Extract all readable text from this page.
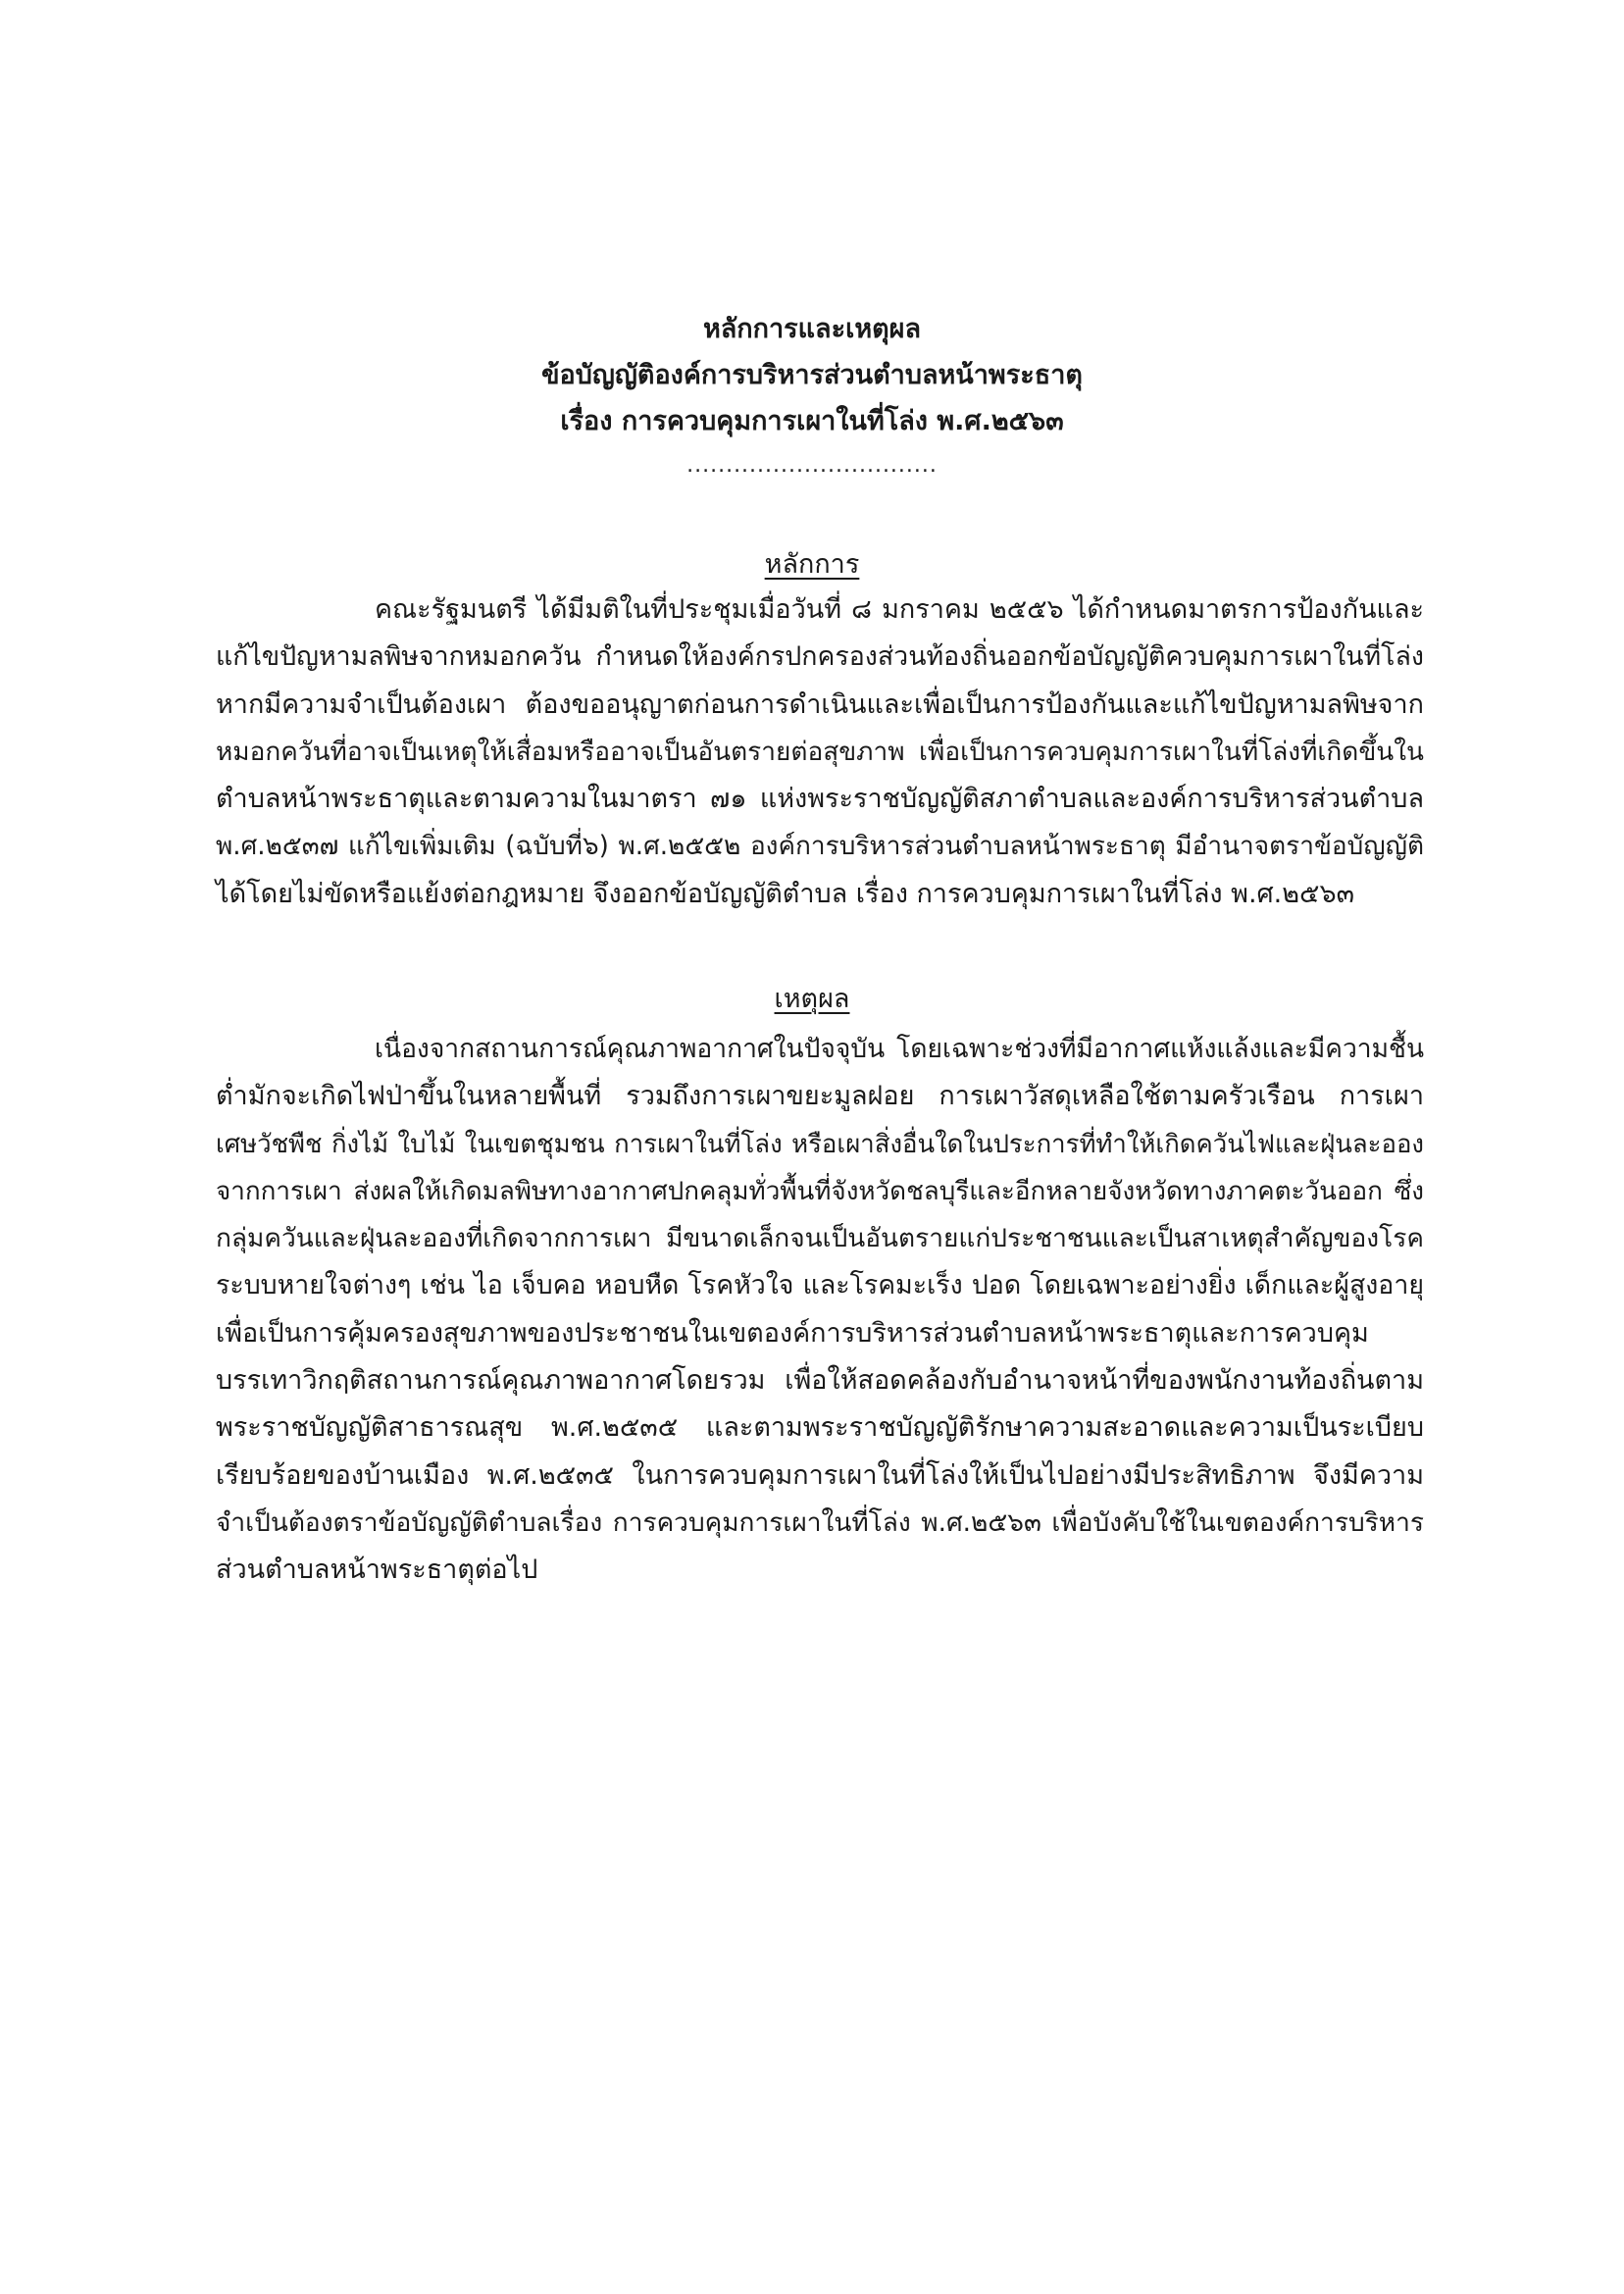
หลักการและเหตุผล
ข้อบัญญัติองค์การบริหารส่วนตำบลหน้าพระธาตุ
เรื่อง การควบคุมการเผาในที่โล่ง พ.ศ.๒๕๖๓
................................
หลักการ
คณะรัฐมนตรี ได้มีมติในที่ประชุมเมื่อวันที่ ๘ มกราคม ๒๕๕๖ ได้กำหนดมาตรการป้องกันและ
แก้ไขปัญหามลพิษจากหมอกควัน กำหนดให้องค์กรปกครองส่วนท้องถิ่นออกข้อบัญญัติควบคุมการเผาในที่โล่ง
หากมีความจำเป็นต้องเผา ต้องขออนุญาตก่อนการดำเนินและเพื่อเป็นการป้องกันและแก้ไขปัญหามลพิษจาก
หมอกควันที่อาจเป็นเหตุให้เสื่อมหรืออาจเป็นอันตรายต่อสุขภาพ เพื่อเป็นการควบคุมการเผาในที่โล่งที่เกิดขึ้นใน
ตำบลหน้าพระธาตุและตามความในมาตรา ๗๑ แห่งพระราชบัญญัติสภาตำบลและองค์การบริหารส่วนตำบล
พ.ศ.๒๕๓๗ แก้ไขเพิ่มเติม (ฉบับที่๖) พ.ศ.๒๕๕๒ องค์การบริหารส่วนตำบลหน้าพระธาตุ มีอำนาจตราข้อบัญญัติ
ได้โดยไม่ขัดหรือแย้งต่อกฎหมาย จึงออกข้อบัญญัติตำบล เรื่อง การควบคุมการเผาในที่โล่ง พ.ศ.๒๕๖๓
เหตุผล
เนื่องจากสถานการณ์คุณภาพอากาศในปัจจุบัน โดยเฉพาะช่วงที่มีอากาศแห้งแล้งและมีความชื้น
ต่ำมักจะเกิดไฟป่าขึ้นในหลายพื้นที่ รวมถึงการเผาขยะมูลฝอย การเผาวัสดุเหลือใช้ตามครัวเรือน การเผา
เศษวัชพืช กิ่งไม้ ใบไม้ ในเขตชุมชน การเผาในที่โล่ง หรือเผาสิ่งอื่นใดในประการที่ทำให้เกิดควันไฟและฝุ่นละออง
จากการเผา ส่งผลให้เกิดมลพิษทางอากาศปกคลุมทั่วพื้นที่จังหวัดชลบุรีและอีกหลายจังหวัดทางภาคตะวันออก ซึ่ง
กลุ่มควันและฝุ่นละอองที่เกิดจากการเผา มีขนาดเล็กจนเป็นอันตรายแก่ประชาชนและเป็นสาเหตุสำคัญของโรค
ระบบหายใจต่างๆ เช่น ไอ เจ็บคอ หอบหืด โรคหัวใจ และโรคมะเร็ง ปอด โดยเฉพาะอย่างยิ่ง เด็กและผู้สูงอายุ
เพื่อเป็นการคุ้มครองสุขภาพของประชาชนในเขตองค์การบริหารส่วนตำบลหน้าพระธาตุและการควบคุม
บรรเทาวิกฤติสถานการณ์คุณภาพอากาศโดยรวม เพื่อให้สอดคล้องกับอำนาจหน้าที่ของพนักงานท้องถิ่นตาม
พระราชบัญญัติสาธารณสุข พ.ศ.๒๕๓๕ และตามพระราชบัญญัติรักษาความสะอาดและความเป็นระเบียบ
เรียบร้อยของบ้านเมือง พ.ศ.๒๕๓๕ ในการควบคุมการเผาในที่โล่งให้เป็นไปอย่างมีประสิทธิภาพ จึงมีความ
จำเป็นต้องตราข้อบัญญัติตำบลเรื่อง การควบคุมการเผาในที่โล่ง พ.ศ.๒๕๖๓ เพื่อบังคับใช้ในเขตองค์การบริหาร
ส่วนตำบลหน้าพระธาตุต่อไป
